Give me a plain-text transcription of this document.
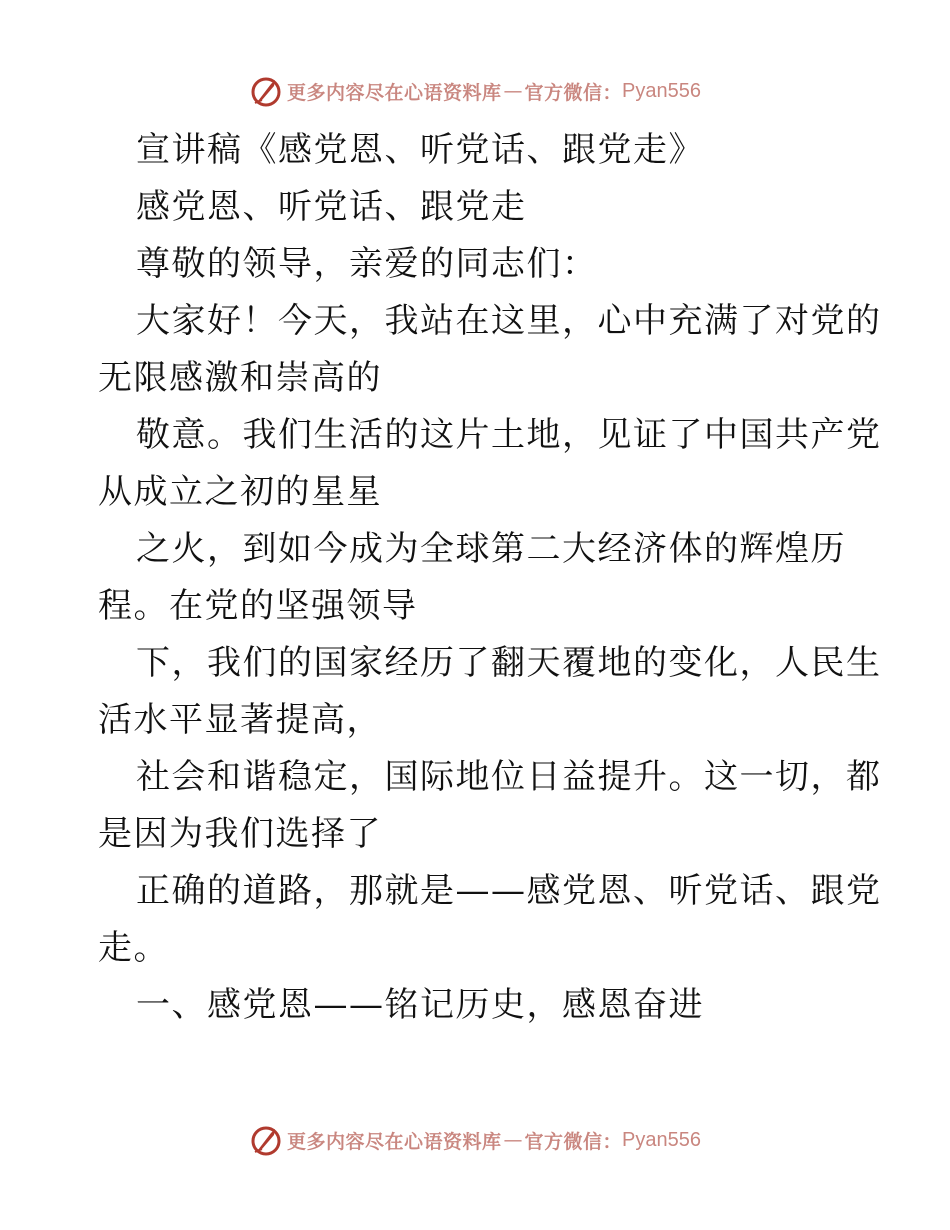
更多内容尽在心语资料库 — 官方微信： Pyan556
宣讲稿《感党恩、听党话、跟党走》
感党恩、听党话、跟党走
尊敬的领导，亲爱的同志们：
大家好！今天，我站在这里，心中充满了对党的
无限感激和崇高的
敬意。我们生活的这片土地，见证了中国共产党
从成立之初的星星
之火，到如今成为全球第二大经济体的辉煌历
程。在党的坚强领导
下，我们的国家经历了翻天覆地的变化，人民生
活水平显著提高，
社会和谐稳定，国际地位日益提升。这一切，都
是因为我们选择了
正确的道路，那就是——感党恩、听党话、跟党
走。
一、感党恩——铭记历史，感恩奋进
更多内容尽在心语资料库 — 官方微信： Pyan556
